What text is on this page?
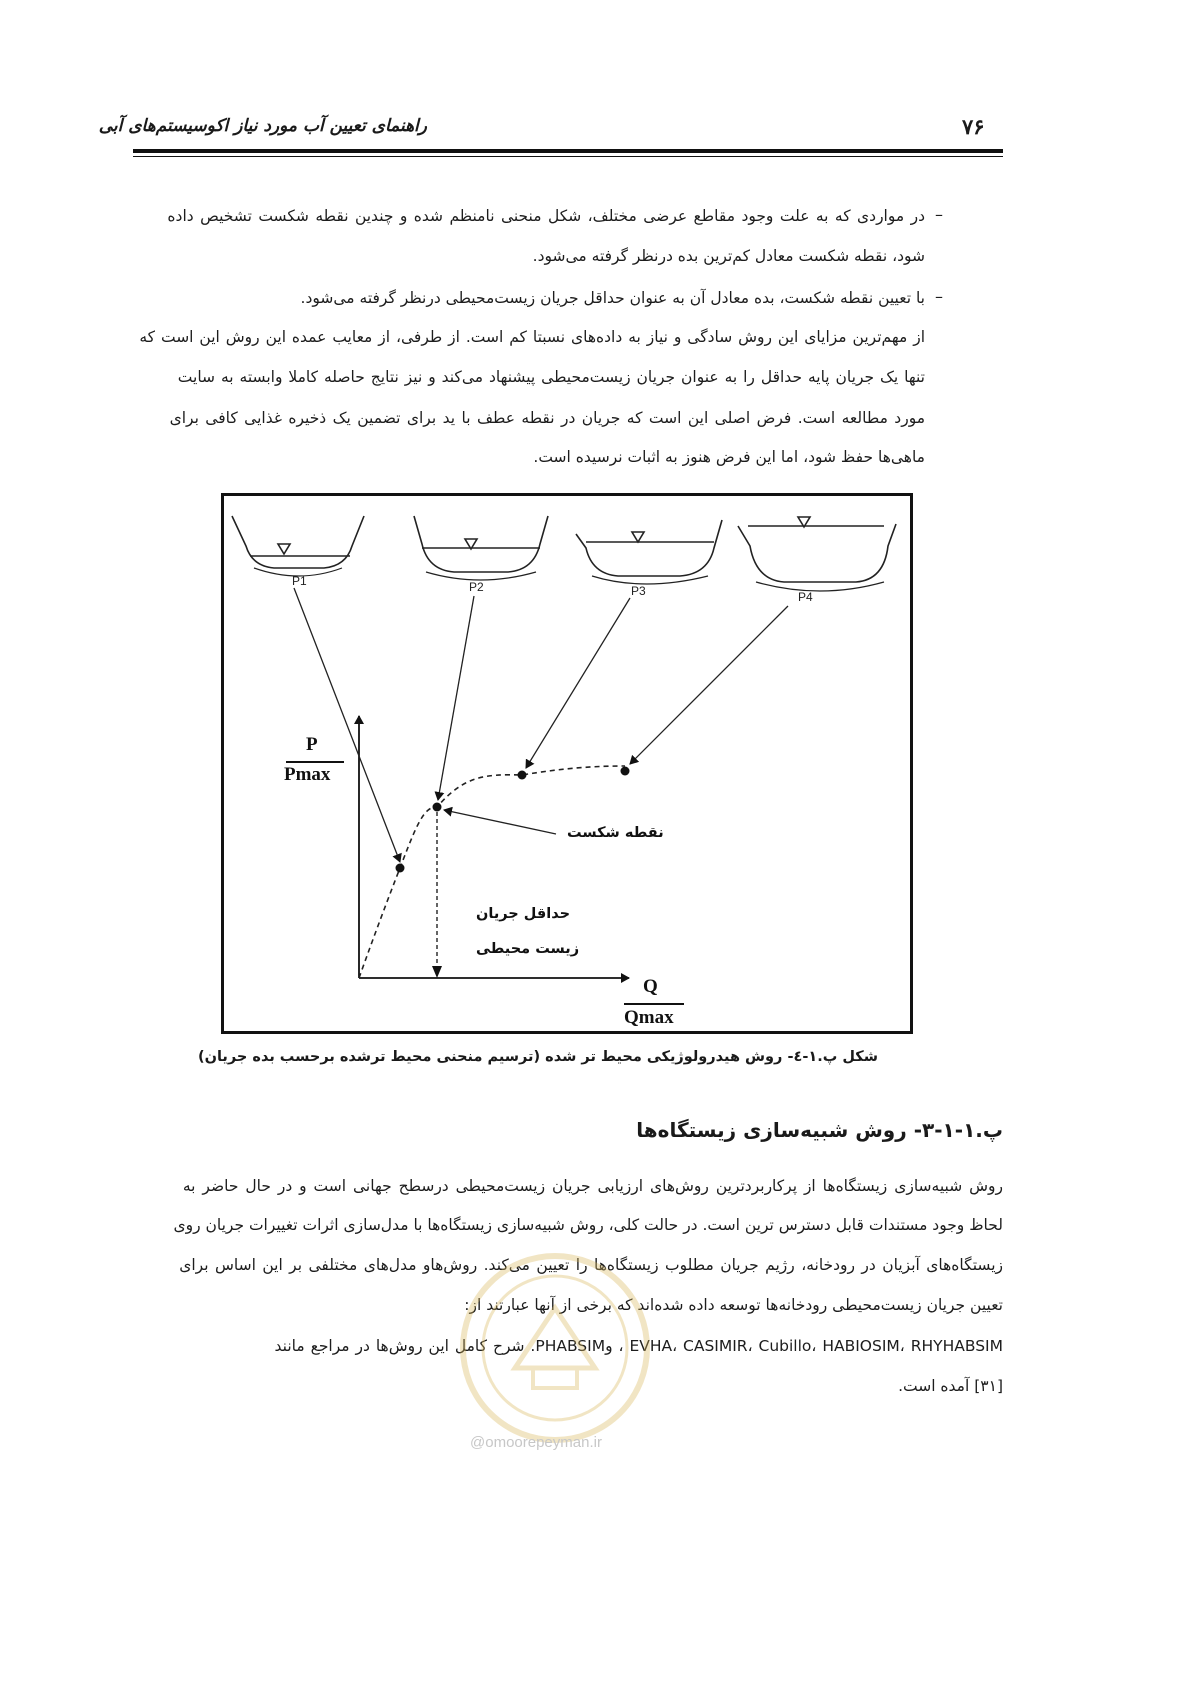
۷۶
راهنمای تعیین آب مورد نیاز اکوسیستم‌های آبی
–
در مواردی که به علت وجود مقاطع عرضی مختلف، شکل منحنی نامنظم شده و چندین نقطه شکست تشخیص داده
شود، نقطه شکست معادل کم‌ترین بده درنظر گرفته می‌شود.
–
با تعیین نقطه شکست، بده معادل آن به عنوان حداقل جریان زیست‌محیطی درنظر گرفته می‌شود.
از مهم‌ترین مزایای این روش سادگی و نیاز به داده‌های نسبتا کم است. از طرفی، از معایب عمده این روش این است که
تنها یک جریان پایه حداقل را به عنوان جریان زیست‌محیطی پیشنهاد می‌کند و نیز نتایج حاصله کاملا وابسته به سایت
مورد مطالعه است. فرض اصلی این است که جریان در نقطه عطف با ید برای تضمین یک ذخیره غذایی کافی برای
ماهی‌ها حفظ شود، اما این فرض هنوز به اثبات نرسیده است.
P1	P2	P3	P4
P
Pmax
Q
Qmax
نقطه شکست
حداقل جریان
زیست محیطی
شکل پ.۱-٤- روش هیدرولوژیکی محیط تر شده (ترسیم منحنی محیط ترشده برحسب بده جریان)
پ.۱-۱-۳- روش شبیه‌سازی زیستگاه‌ها
روش شبیه‌سازی زیستگاه‌ها از پرکاربردترین روش‌های ارزیابی جریان زیست‌محیطی درسطح جهانی است و در حال حاضر به
لحاظ وجود مستندات قابل دسترس ترین است. در حالت کلی، روش شبیه‌سازی زیستگاه‌ها با مدل‌سازی اثرات تغییرات جریان روی
زیستگاه‌های آبزیان در رودخانه، رژیم جریان مطلوب زیستگاه‌ها را تعیین می‌کند. روش‌هاو مدل‌های مختلفی بر این اساس برای
تعیین جریان زیست‌محیطی رودخانه‌ها توسعه داده شده‌اند که برخی از آنها عبارتند از:
EVHA، CASIMIR، Cubillo، HABIOSIM، RHYHABSIM ، وPHABSIM. شرح کامل این روش‌ها در مراجع مانند
[۳۱] آمده است.
@omoorepeyman.ir
